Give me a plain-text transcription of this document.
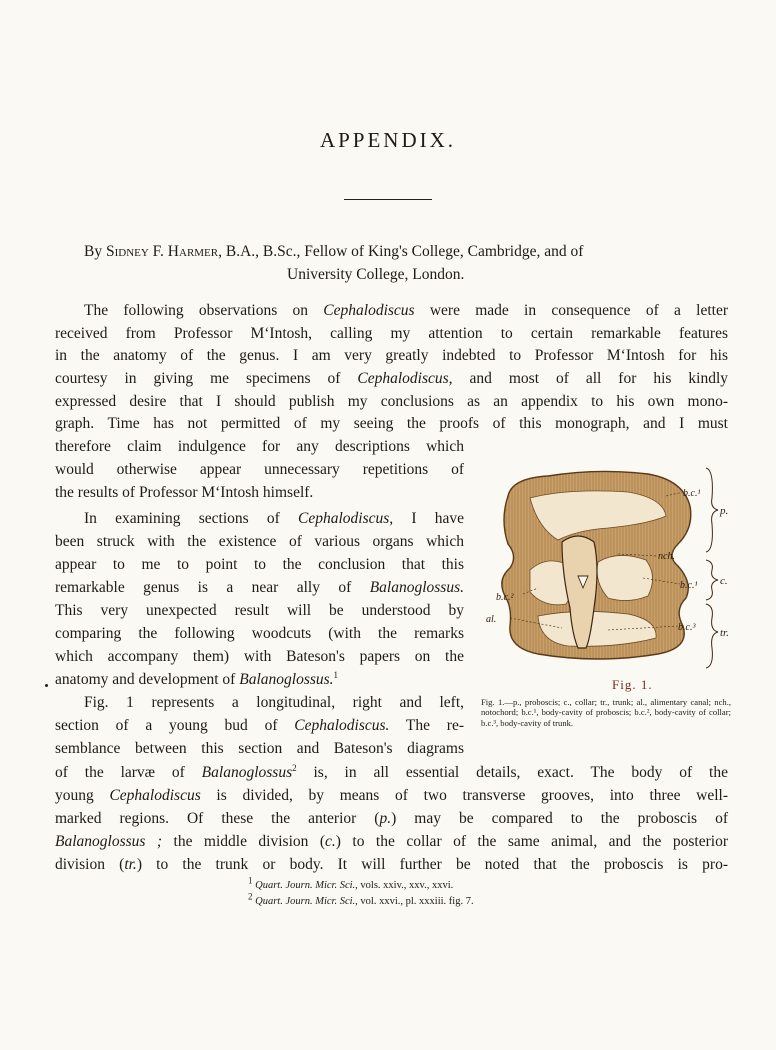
APPENDIX.

By Sidney F. Harmer, B.A., B.Sc., Fellow of King's College, Cambridge, and of

University College, London.

The following observations on Cephalodiscus were made in consequence of a letter

received from Professor M‘Intosh, calling my attention to certain remarkable features

in the anatomy of the genus. I am very greatly indebted to Professor M‘Intosh for his

courtesy in giving me specimens of Cephalodiscus, and most of all for his kindly

expressed desire that I should publish my conclusions as an appendix to his own mono-

graph. Time has not permitted of my seeing the proofs of this monograph, and I must

therefore claim indulgence for any descriptions which

would otherwise appear unnecessary repetitions of

the results of Professor M‘Intosh himself.

In examining sections of Cephalodiscus, I have

been struck with the existence of various organs which

appear to me to point to the conclusion that this

remarkable genus is a near ally of Balanoglossus.

This very unexpected result will be understood by

comparing the following woodcuts (with the remarks

which accompany them) with Bateson's papers on the

anatomy and development of Balanoglossus.$^1$

Fig. 1 represents a longitudinal, right and left,

section of a young bud of Cephalodiscus. The re-

semblance between this section and Bateson's diagrams

of the larvæ of Balanoglossus$^2$ is, in all essential details, exact. The body of the

young Cephalodiscus is divided, by means of two transverse grooves, into three well-

marked regions. Of these the anterior (p.) may be compared to the proboscis of

Balanoglossus ; the middle division (c.) to the collar of the same animal, and the posterior

division (tr.) to the trunk or body. It will further be noted that the proboscis is pro-

b.c.¹
p.
nch.
b.c.¹ c.
b.c.²
al.
b.c.³ tr.
Fig. 1.

Fig. 1.—p., proboscis; c., collar; tr., trunk; al., alimentary canal; nch., notochord; b.c.¹, body-cavity of proboscis; b.c.², body-cavity of collar; b.c.³, body-cavity of trunk.

$^1$ Quart. Journ. Micr. Sci., vols. xxiv., xxv., xxvi.

$^2$ Quart. Journ. Micr. Sci., vol. xxvi., pl. xxxiii. fig. 7.
